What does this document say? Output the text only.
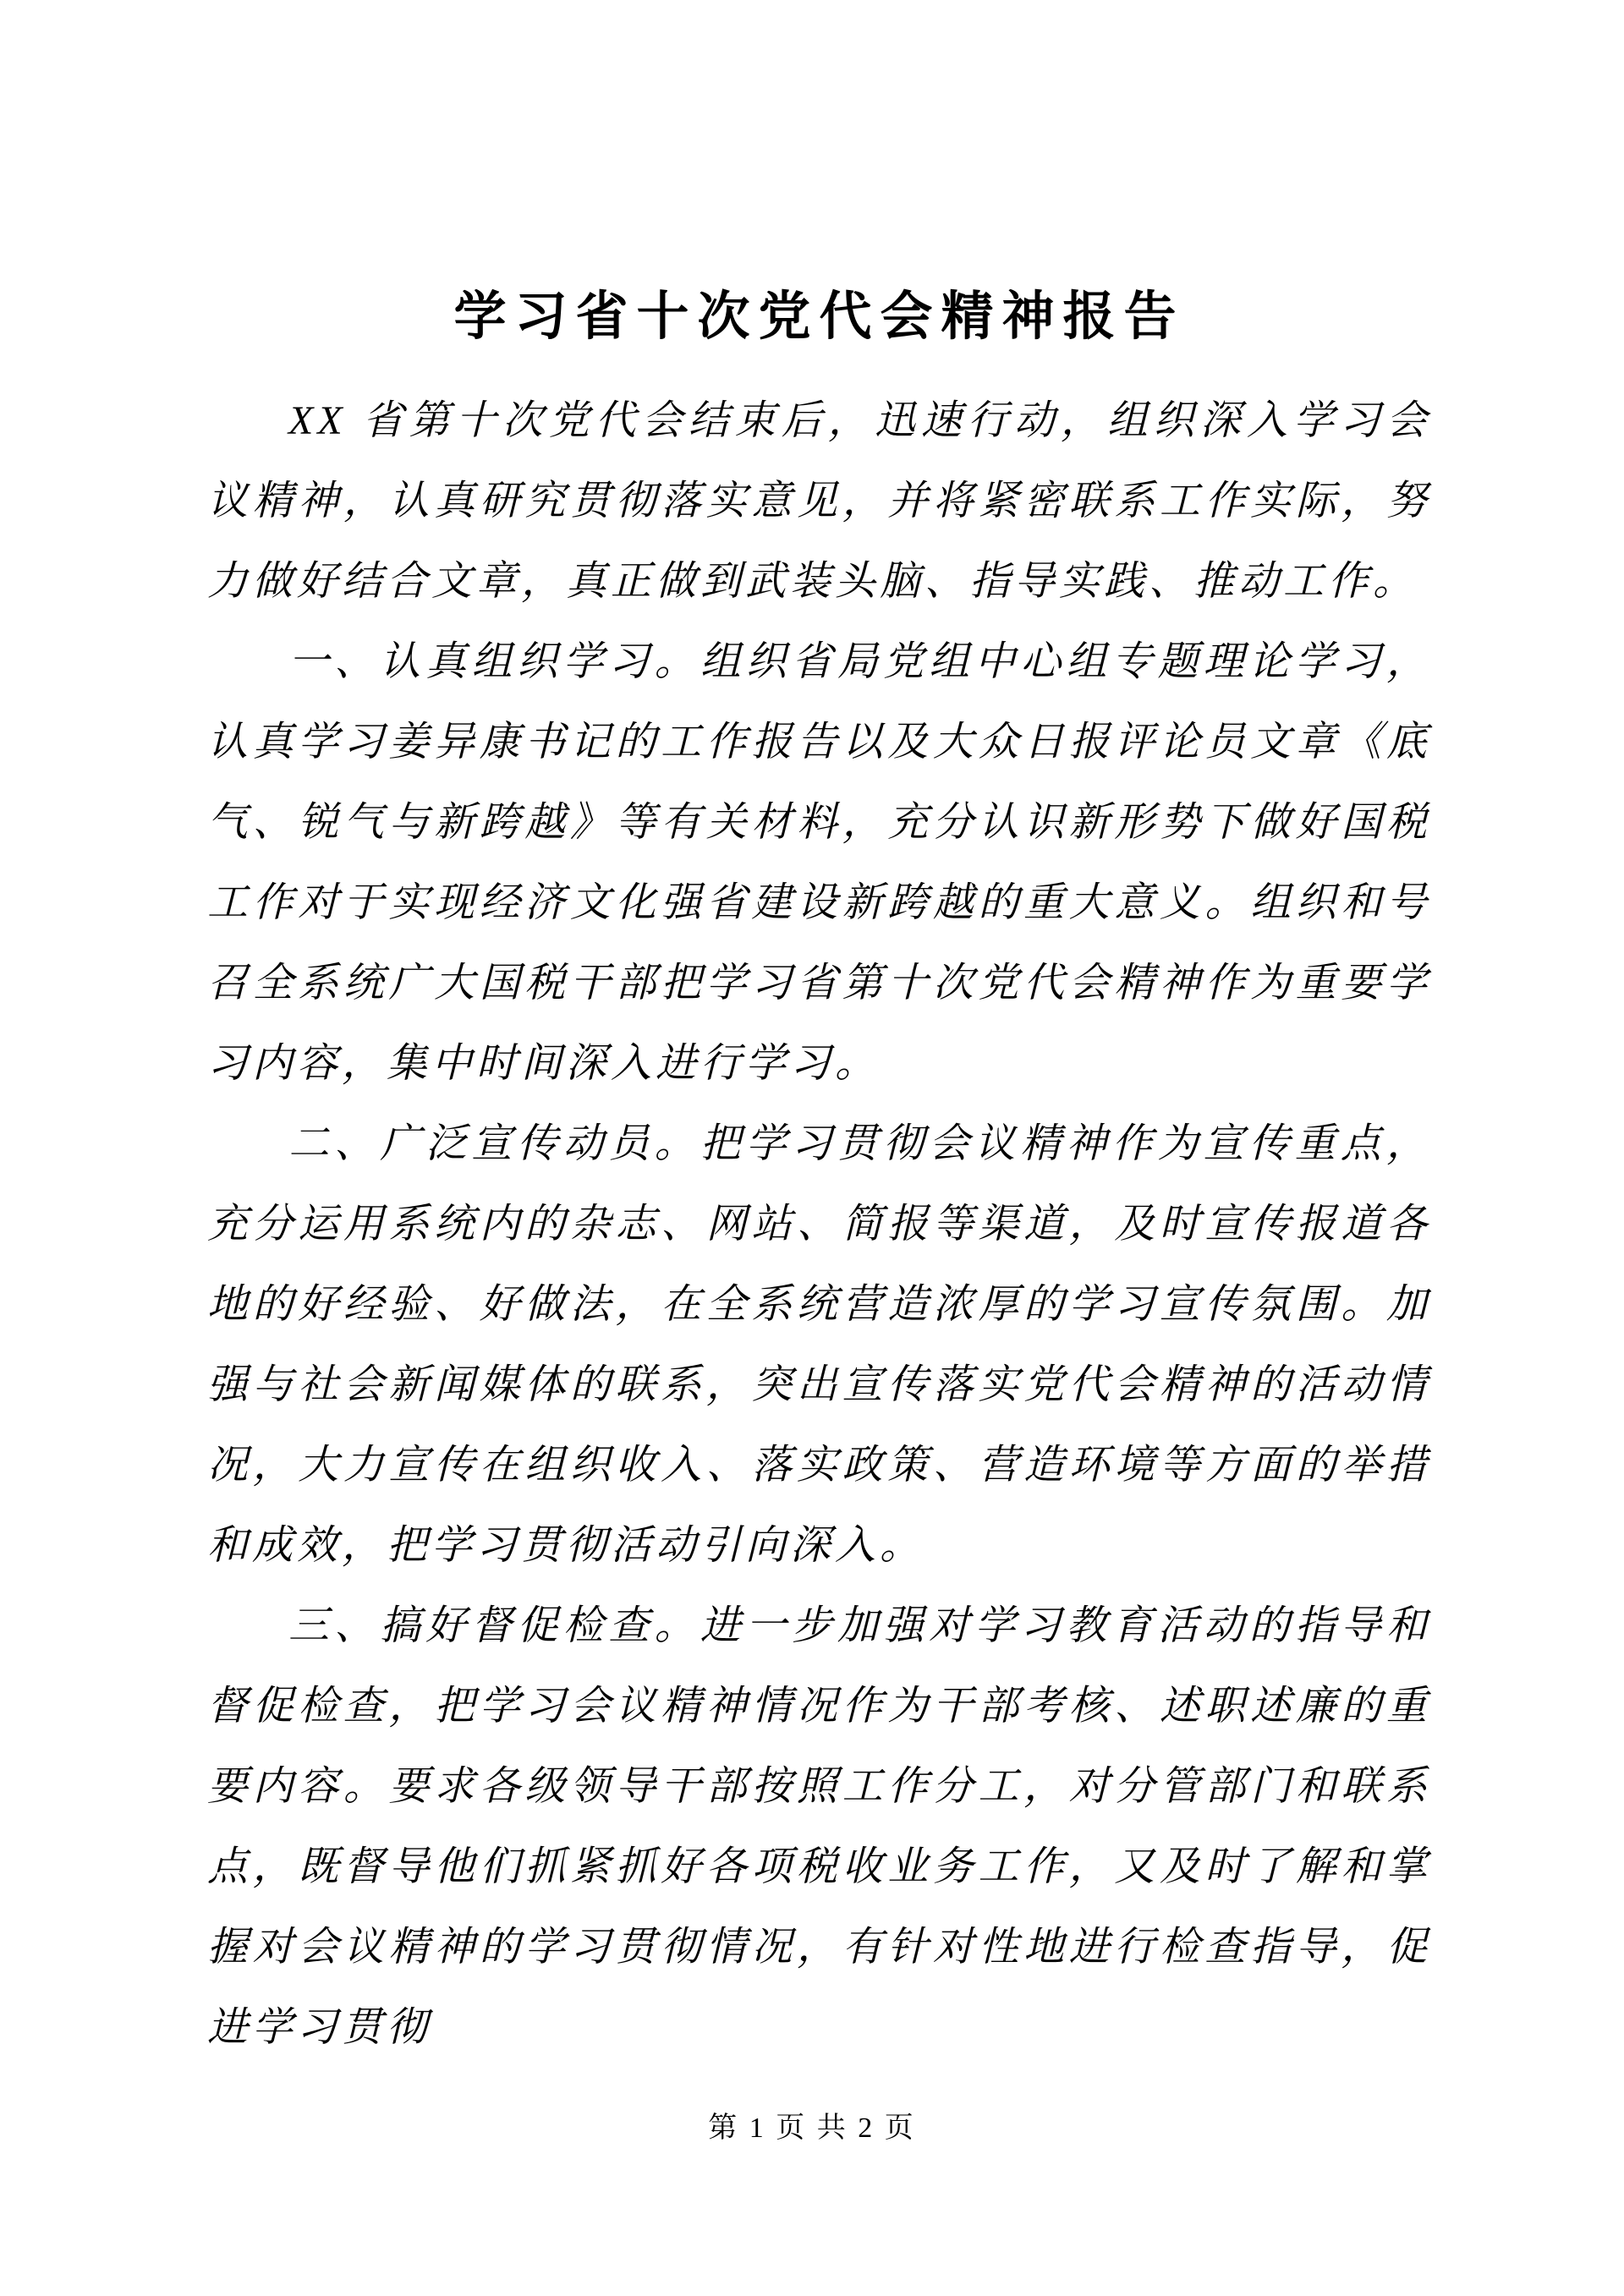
学习省十次党代会精神报告

XX 省第十次党代会结束后，迅速行动，组织深入学习会议精神，认真研究贯彻落实意见，并将紧密联系工作实际，努力做好结合文章，真正做到武装头脑、指导实践、推动工作。

一、认真组织学习。组织省局党组中心组专题理论学习，认真学习姜异康书记的工作报告以及大众日报评论员文章《底气、锐气与新跨越》等有关材料，充分认识新形势下做好国税工作对于实现经济文化强省建设新跨越的重大意义。组织和号召全系统广大国税干部把学习省第十次党代会精神作为重要学习内容，集中时间深入进行学习。

二、广泛宣传动员。把学习贯彻会议精神作为宣传重点，充分运用系统内的杂志、网站、简报等渠道，及时宣传报道各地的好经验、好做法，在全系统营造浓厚的学习宣传氛围。加强与社会新闻媒体的联系，突出宣传落实党代会精神的活动情况，大力宣传在组织收入、落实政策、营造环境等方面的举措和成效，把学习贯彻活动引向深入。

三、搞好督促检查。进一步加强对学习教育活动的指导和督促检查，把学习会议精神情况作为干部考核、述职述廉的重要内容。要求各级领导干部按照工作分工，对分管部门和联系点，既督导他们抓紧抓好各项税收业务工作，又及时了解和掌握对会议精神的学习贯彻情况，有针对性地进行检查指导，促进学习贯彻

第 1 页 共 2 页
